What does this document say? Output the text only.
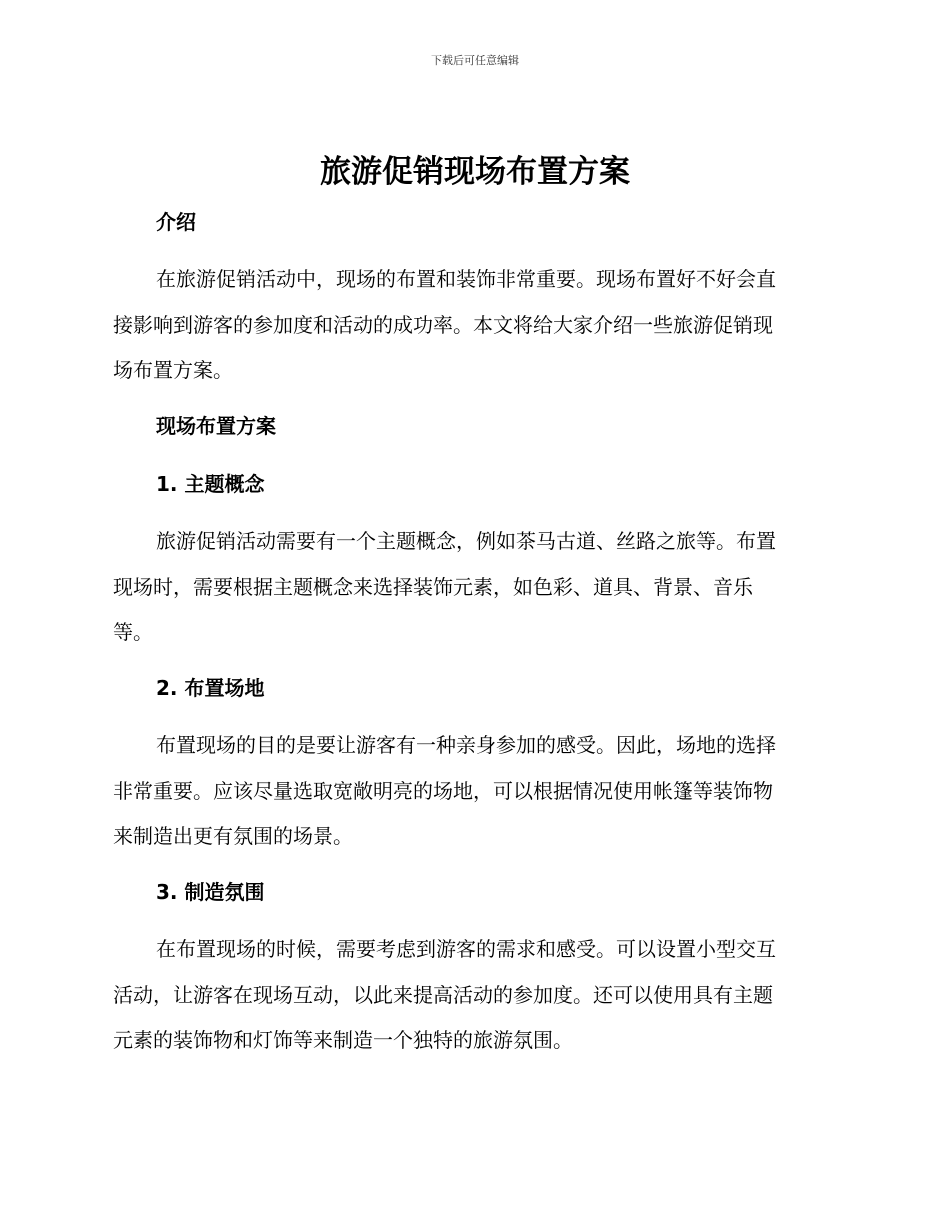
下载后可任意编辑
旅游促销现场布置方案
介绍
在旅游促销活动中，现场的布置和装饰非常重要。现场布置好不好会直
接影响到游客的参加度和活动的成功率。本文将给大家介绍一些旅游促销现
场布置方案。
现场布置方案
1. 主题概念
旅游促销活动需要有一个主题概念，例如茶马古道、丝路之旅等。布置
现场时，需要根据主题概念来选择装饰元素，如色彩、道具、背景、音乐
等。
2. 布置场地
布置现场的目的是要让游客有一种亲身参加的感受。因此，场地的选择
非常重要。应该尽量选取宽敞明亮的场地，可以根据情况使用帐篷等装饰物
来制造出更有氛围的场景。
3. 制造氛围
在布置现场的时候，需要考虑到游客的需求和感受。可以设置小型交互
活动，让游客在现场互动，以此来提高活动的参加度。还可以使用具有主题
元素的装饰物和灯饰等来制造一个独特的旅游氛围。
